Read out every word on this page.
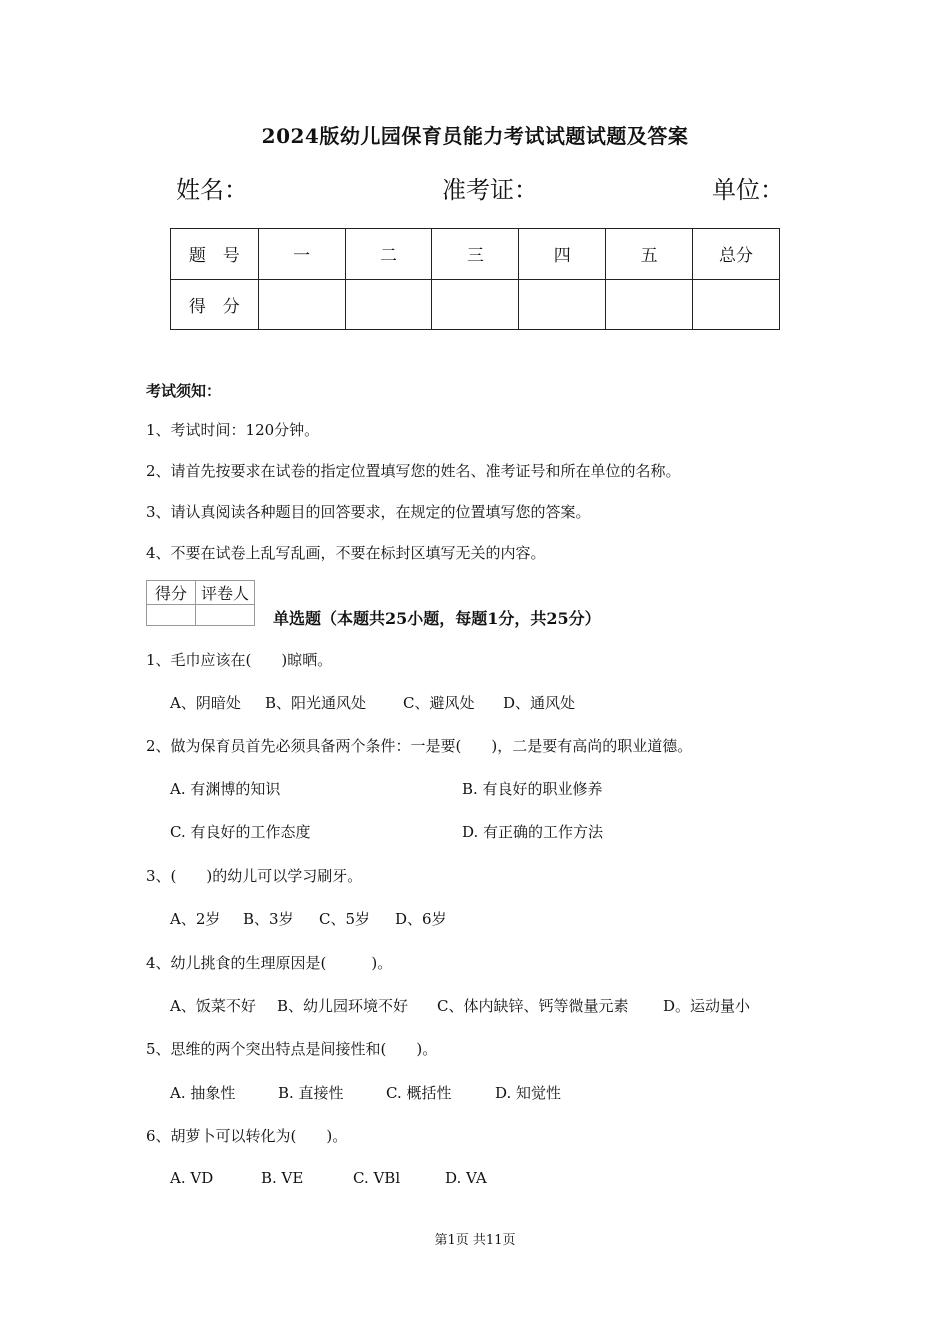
2024版幼儿园保育员能力考试试题试题及答案
姓名：	准考证：	单位：
题　号	一	二	三	四	五	总分
得　分						
考试须知：
1、考试时间：120分钟。
2、请首先按要求在试卷的指定位置填写您的姓名、准考证号和所在单位的名称。
3、请认真阅读各种题目的回答要求，在规定的位置填写您的答案。
4、不要在试卷上乱写乱画，不要在标封区填写无关的内容。
得分	评卷人

单选题（本题共25小题，每题1分，共25分）
1、毛巾应该在(　　)晾晒。
A、阴暗处 B、阳光通风处 C、避风处 D、通风处
2、做为保育员首先必须具备两个条件：一是要(　　)，二是要有高尚的职业道德。
A. 有渊博的知识	B. 有良好的职业修养
C. 有良好的工作态度	D. 有正确的工作方法
3、(　　)的幼儿可以学习刷牙。
A、2岁 B、3岁 C、5岁 D、6岁
4、幼儿挑食的生理原因是(　　　)。
A、饭菜不好 B、幼儿园环境不好 C、体内缺锌、钙等微量元素 D。运动量小
5、思维的两个突出特点是间接性和(　　)。
A. 抽象性	B. 直接性	C. 概括性	D. 知觉性
6、胡萝卜可以转化为(　　)。
A. VD	B. VE	C. VBl	D. VA
第1页 共11页
